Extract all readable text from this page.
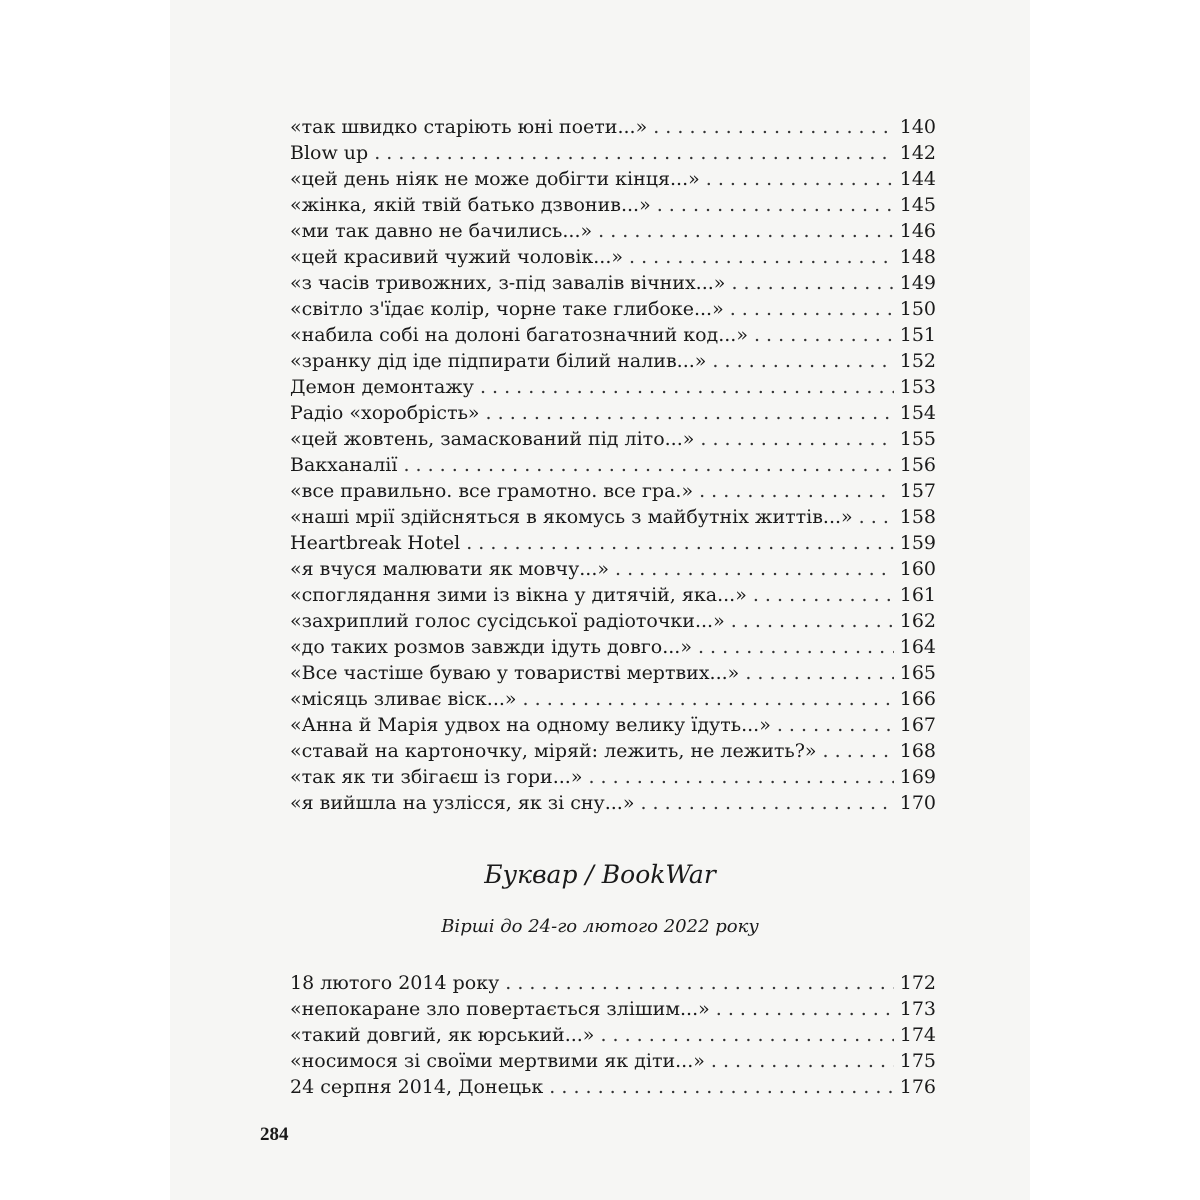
«так швидко старіють юні поети...» . . .	140
Blow up . . .	142
«цей день ніяк не може добігти кінця...» . . .	144
«жінка, якій твій батько дзвонив...» . . .	145
«ми так давно не бачились...» . . .	146
«цей красивий чужий чоловік...» . . .	148
«з часів тривожних, з-під завалів вічних...» . . .	149
«світло з'їдає колір, чорне таке глибоке...» . . .	150
«набила собі на долоні багатозначний код...» . . .	151
«зранку дід іде підпирати білий налив...» . . .	152
Демон демонтажу . . .	153
Радіо «хоробрість» . . .	154
«цей жовтень, замаскований під літо...» . . .	155
Вакханалії . . .	156
«все правильно. все грамотно. все гра.» . . .	157
«наші мрії здійсняться в якомусь з майбутніх життів...» . . . 158
Heartbreak Hotel . . .	159
«я вчуся малювати як мовчу...» . . .	160
«споглядання зими із вікна у дитячій, яка...» . . .	161
«захриплий голос сусідської радіоточки...» . . .	162
«до таких розмов завжди ідуть довго...» . . .	164
«Все частіше буваю у товаристві мертвих...» . . .	165
«місяць зливає віск...» . . .	166
«Анна й Марія удвох на одному велику їдуть...» . . .	167
«ставай на картоночку, міряй: лежить, не лежить?» . . .	168
«так як ти збігаєш із гори...» . . .	169
«я вийшла на узлісся, як зі сну...» . . .	170
Буквар / BookWar
Вірші до 24-го лютого 2022 року
18 лютого 2014 року . . .	172
«непокаране зло повертається злішим...» . . .	173
«такий довгий, як юрський...» . . .	174
«носимося зі своїми мертвими як діти...» . . .	175
24 серпня 2014, Донецьк . . .	176
284
